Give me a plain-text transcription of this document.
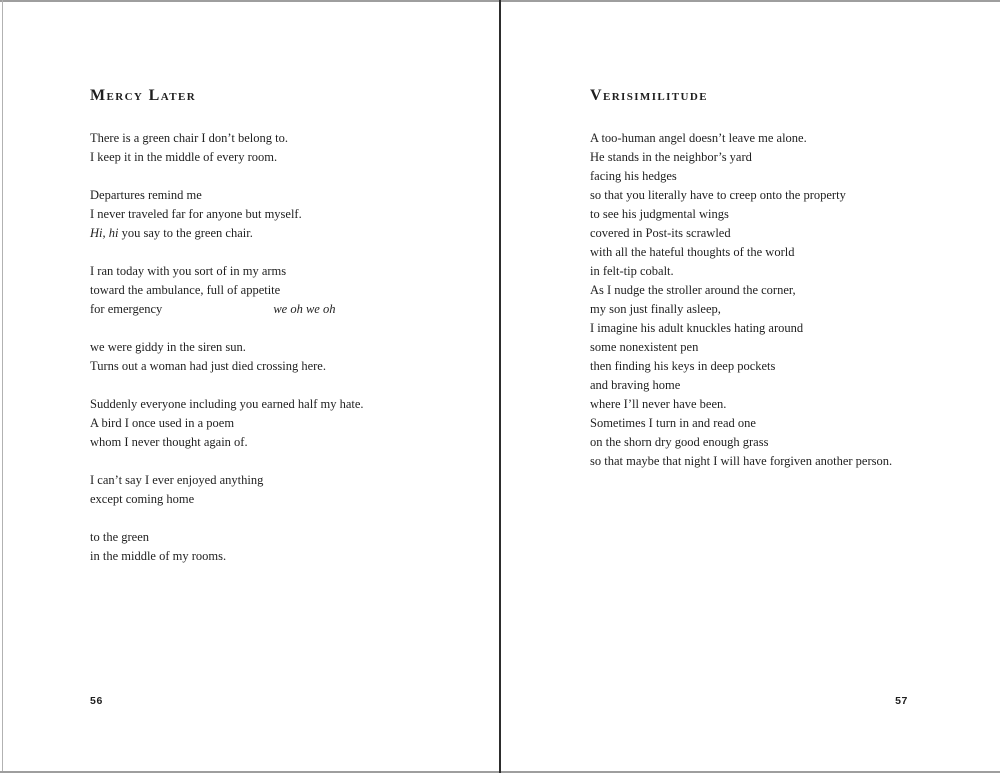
Mercy Later
There is a green chair I don’t belong to.
I keep it in the middle of every room.
Departures remind me
I never traveled far for anyone but myself.
Hi, hi you say to the green chair.
I ran today with you sort of in my arms
toward the ambulance, full of appetite
for emergency	we oh we oh
we were giddy in the siren sun.
Turns out a woman had just died crossing here.
Suddenly everyone including you earned half my hate.
A bird I once used in a poem
whom I never thought again of.
I can’t say I ever enjoyed anything
except coming home
to the green
in the middle of my rooms.
56
Verisimilitude
A too-human angel doesn’t leave me alone.
He stands in the neighbor’s yard
facing his hedges
so that you literally have to creep onto the property
to see his judgmental wings
covered in Post-its scrawled
with all the hateful thoughts of the world
in felt-tip cobalt.
As I nudge the stroller around the corner,
my son just finally asleep,
I imagine his adult knuckles hating around
some nonexistent pen
then finding his keys in deep pockets
and braving home
where I’ll never have been.
Sometimes I turn in and read one
on the shorn dry good enough grass
so that maybe that night I will have forgiven another person.
57
